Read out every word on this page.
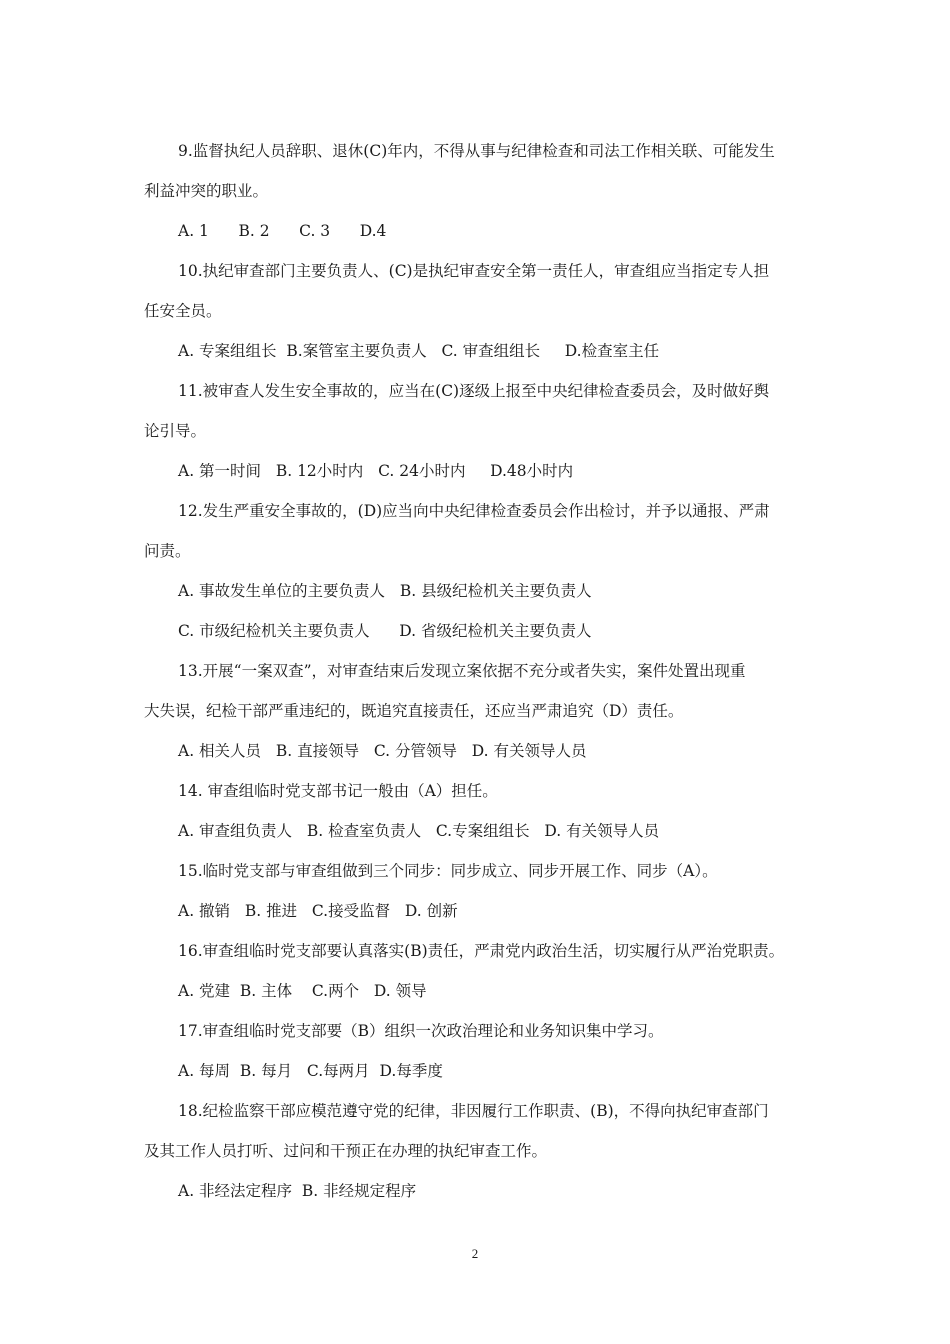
9.监督执纪人员辞职、退休(C)年内，不得从事与纪律检查和司法工作相关联、可能发生

利益冲突的职业。

A. 1      B. 2      C. 3      D.4

10.执纪审查部门主要负责人、(C)是执纪审查安全第一责任人，审查组应当指定专人担

任安全员。

A. 专案组组长  B.案管室主要负责人   C. 审查组组长     D.检查室主任

11.被审查人发生安全事故的，应当在(C)逐级上报至中央纪律检查委员会，及时做好舆

论引导。

A. 第一时间   B. 12小时内   C. 24小时内     D.48小时内

12.发生严重安全事故的，(D)应当向中央纪律检查委员会作出检讨，并予以通报、严肃

问责。

A. 事故发生单位的主要负责人   B. 县级纪检机关主要负责人

C. 市级纪检机关主要负责人      D. 省级纪检机关主要负责人

13.开展“一案双查”，对审查结束后发现立案依据不充分或者失实，案件处置出现重

大失误，纪检干部严重违纪的，既追究直接责任，还应当严肃追究（D）责任。

A. 相关人员   B. 直接领导   C. 分管领导   D. 有关领导人员

14. 审查组临时党支部书记一般由（A）担任。

A. 审查组负责人   B. 检查室负责人   C.专案组组长   D. 有关领导人员

15.临时党支部与审查组做到三个同步：同步成立、同步开展工作、同步（A）。

A. 撤销   B. 推进   C.接受监督   D. 创新

16.审查组临时党支部要认真落实(B)责任，严肃党内政治生活，切实履行从严治党职责。

A. 党建  B. 主体    C.两个   D. 领导

17.审查组临时党支部要（B）组织一次政治理论和业务知识集中学习。

A. 每周  B. 每月   C.每两月  D.每季度

18.纪检监察干部应模范遵守党的纪律，非因履行工作职责、(B)，不得向执纪审查部门

及其工作人员打听、过问和干预正在办理的执纪审查工作。

A. 非经法定程序  B. 非经规定程序

2
